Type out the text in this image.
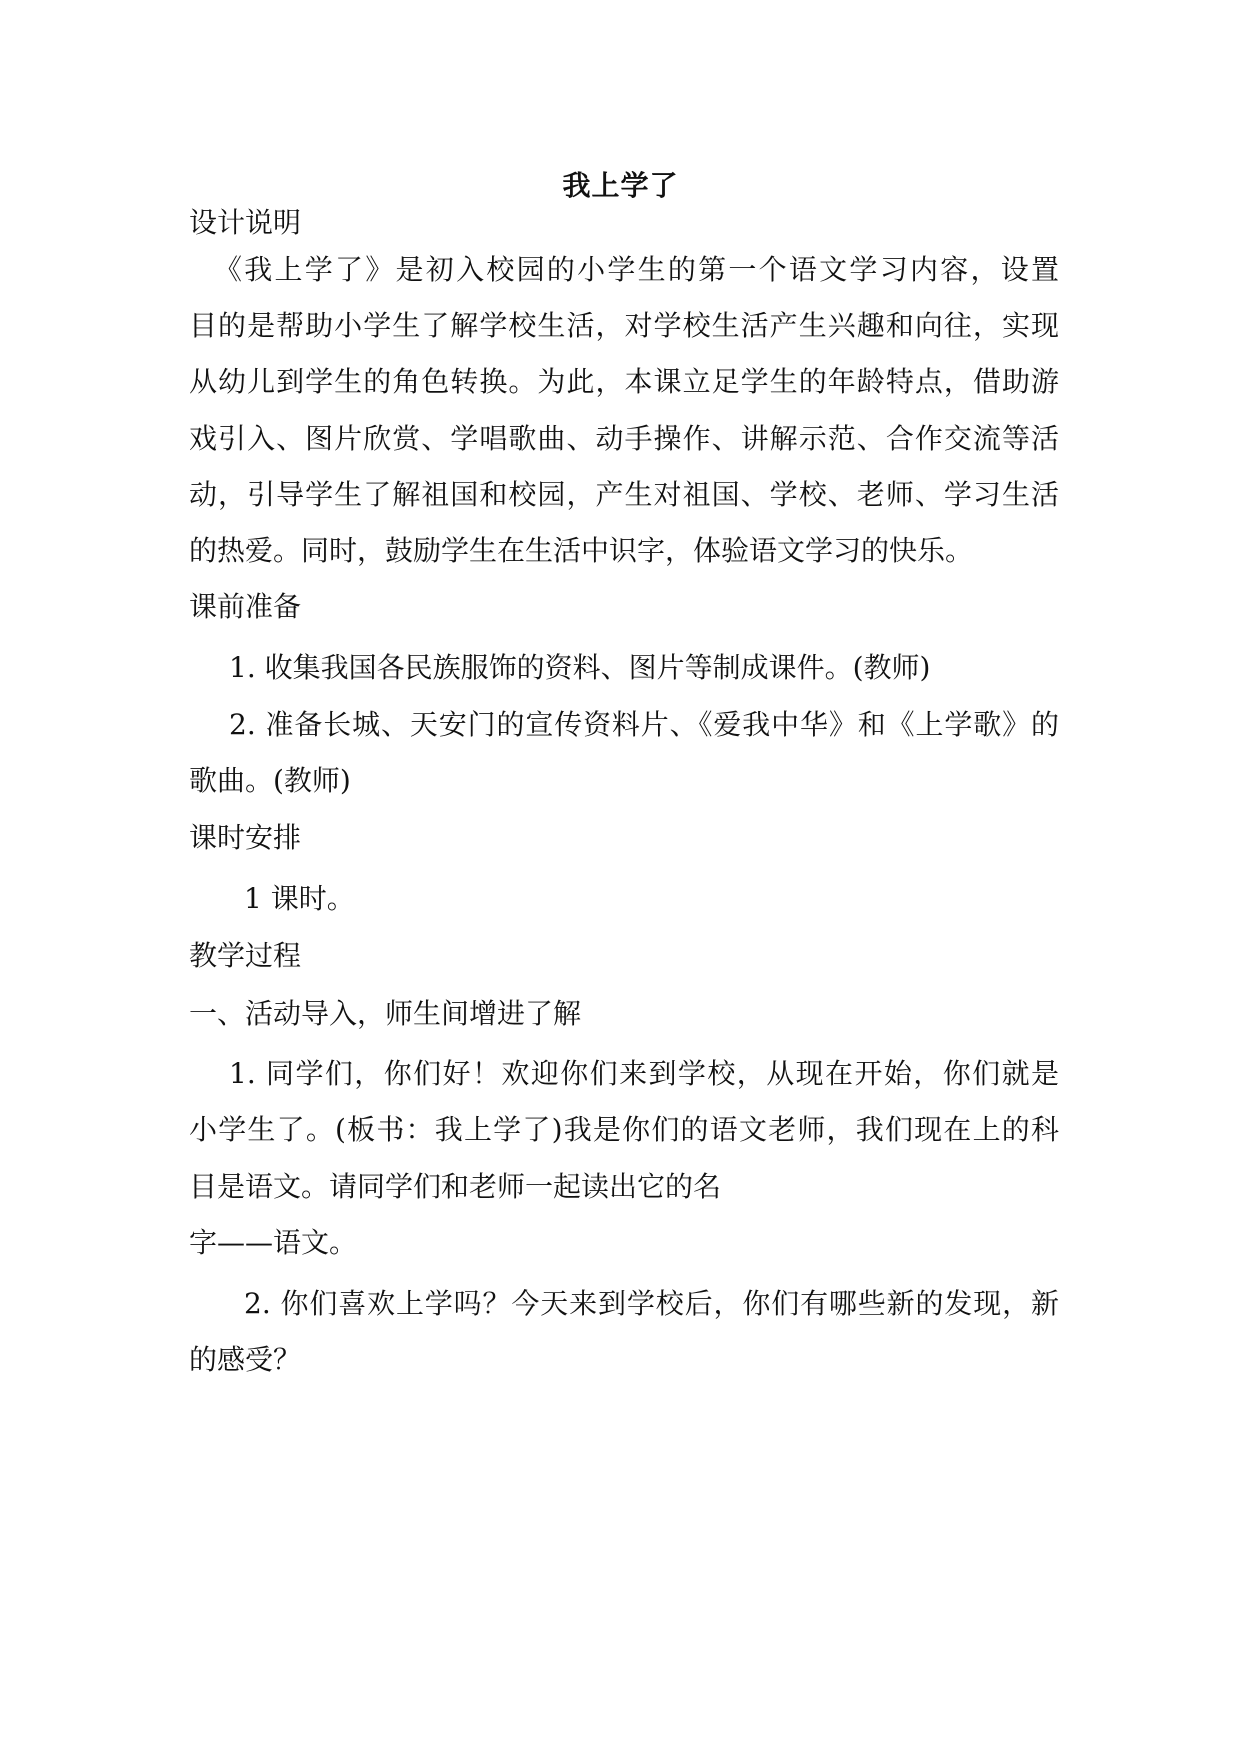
我上学了
设计说明
《我上学了》是初入校园的小学生的第一个语文学习内容，设置
目的是帮助小学生了解学校生活，对学校生活产生兴趣和向往，实现
从幼儿到学生的角色转换。为此，本课立足学生的年龄特点，借助游
戏引入、图片欣赏、学唱歌曲、动手操作、讲解示范、合作交流等活
动，引导学生了解祖国和校园，产生对祖国、学校、老师、学习生活
的热爱。同时，鼓励学生在生活中识字，体验语文学习的快乐。
课前准备
1. 收集我国各民族服饰的资料、图片等制成课件。(教师)
2. 准备长城、天安门的宣传资料片、《爱我中华》和《上学歌》的
歌曲。(教师)
课时安排
1 课时。
教学过程
一、活动导入，师生间增进了解
1. 同学们，你们好！欢迎你们来到学校，从现在开始，你们就是
小学生了。(板书：我上学了)我是你们的语文老师，我们现在上的科
目是语文。请同学们和老师一起读出它的名
字——语文。
2. 你们喜欢上学吗？今天来到学校后，你们有哪些新的发现，新
的感受？
